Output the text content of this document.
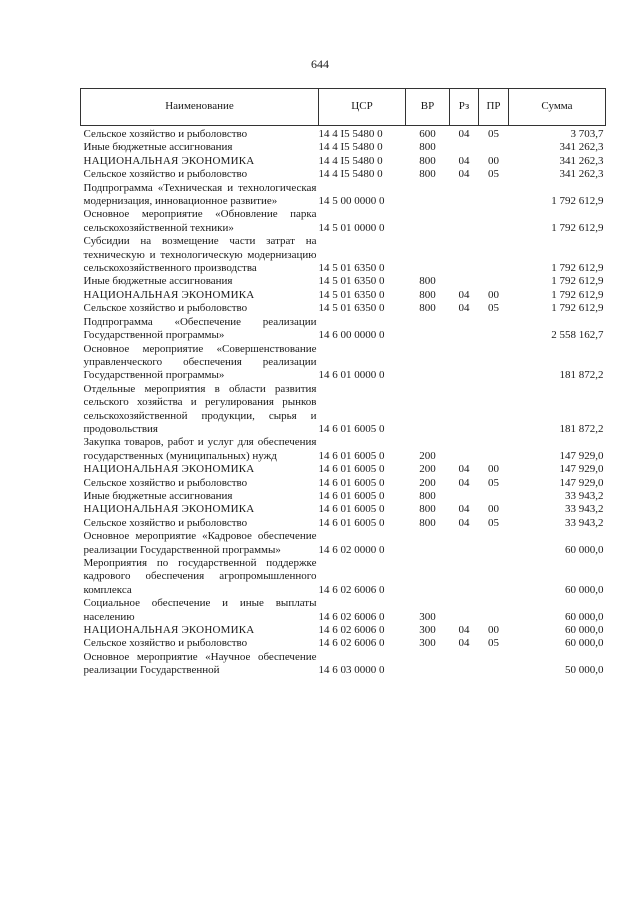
644
Наименование	ЦСР	ВР	Рз	ПР	Сумма
Сельское хозяйство и рыболовство	14 4 I5 5480 0	600	04	05	3 703,7
Иные бюджетные ассигнования	14 4 I5 5480 0	800			341 262,3
НАЦИОНАЛЬНАЯ ЭКОНОМИКА	14 4 I5 5480 0	800	04	00	341 262,3
Сельское хозяйство и рыболовство	14 4 I5 5480 0	800	04	05	341 262,3
Подпрограмма «Техническая и технологическая модернизация, инновационное развитие»	14 5 00 0000 0				1 792 612,9
Основное мероприятие «Обновление парка сельскохозяйственной техники»	14 5 01 0000 0				1 792 612,9
Субсидии на возмещение части затрат на техническую и технологическую модернизацию сельскохозяйственного производства	14 5 01 6350 0				1 792 612,9
Иные бюджетные ассигнования	14 5 01 6350 0	800			1 792 612,9
НАЦИОНАЛЬНАЯ ЭКОНОМИКА	14 5 01 6350 0	800	04	00	1 792 612,9
Сельское хозяйство и рыболовство	14 5 01 6350 0	800	04	05	1 792 612,9
Подпрограмма «Обеспечение реализации Государственной программы»	14 6 00 0000 0				2 558 162,7
Основное мероприятие «Совершенствование управленческого обеспечения реализации Государственной программы»	14 6 01 0000 0				181 872,2
Отдельные мероприятия в области развития сельского хозяйства и регулирования рынков сельскохозяйственной продукции, сырья и продовольствия	14 6 01 6005 0				181 872,2
Закупка товаров, работ и услуг для обеспечения государственных (муниципальных) нужд	14 6 01 6005 0	200			147 929,0
НАЦИОНАЛЬНАЯ ЭКОНОМИКА	14 6 01 6005 0	200	04	00	147 929,0
Сельское хозяйство и рыболовство	14 6 01 6005 0	200	04	05	147 929,0
Иные бюджетные ассигнования	14 6 01 6005 0	800			33 943,2
НАЦИОНАЛЬНАЯ ЭКОНОМИКА	14 6 01 6005 0	800	04	00	33 943,2
Сельское хозяйство и рыболовство	14 6 01 6005 0	800	04	05	33 943,2
Основное мероприятие «Кадровое обеспечение реализации Государственной программы»	14 6 02 0000 0				60 000,0
Мероприятия по государственной поддержке кадрового обеспечения агропромышленного комплекса	14 6 02 6006 0				60 000,0
Социальное обеспечение и иные выплаты населению	14 6 02 6006 0	300			60 000,0
НАЦИОНАЛЬНАЯ ЭКОНОМИКА	14 6 02 6006 0	300	04	00	60 000,0
Сельское хозяйство и рыболовство	14 6 02 6006 0	300	04	05	60 000,0
Основное мероприятие «Научное обеспечение реализации Государственной	14 6 03 0000 0				50 000,0
